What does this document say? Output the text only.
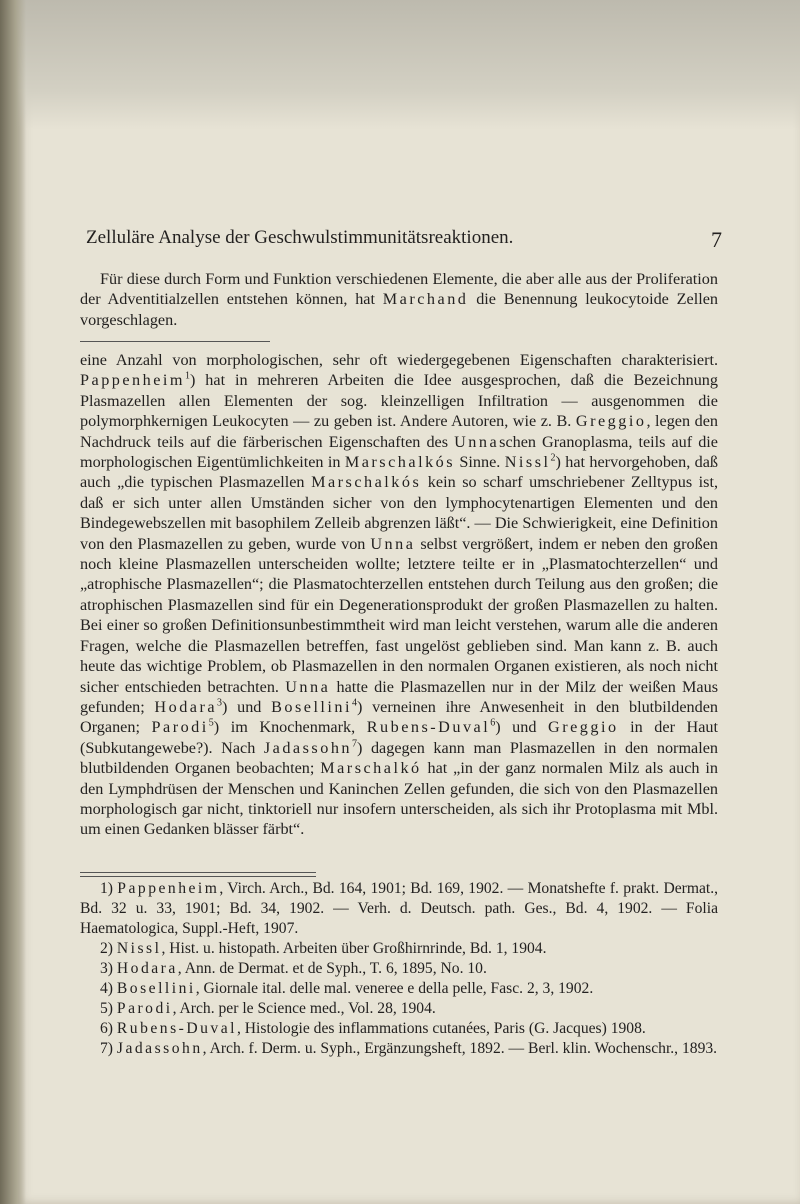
Zelluläre Analyse der Geschwulstimmunitätsreaktionen.	7

Für diese durch Form und Funktion verschiedenen Elemente, die aber alle aus der Proliferation der Adventitialzellen entstehen können, hat Marchand die Benennung leukocytoide Zellen vorgeschlagen.

eine Anzahl von morphologischen, sehr oft wiedergegebenen Eigenschaften charakterisiert. Pappenheim$^1$) hat in mehreren Arbeiten die Idee ausgesprochen, daß die Bezeichnung Plasmazellen allen Elementen der sog. kleinzelligen Infiltration — ausgenommen die polymorphkernigen Leukocyten — zu geben ist. Andere Autoren, wie z. B. Greggio, legen den Nachdruck teils auf die färberischen Eigenschaften des Unnaschen Granoplasma, teils auf die morphologischen Eigentümlichkeiten in Marschalkós Sinne. Nissl$^2$) hat hervorgehoben, daß auch „die typischen Plasmazellen Marschalkós kein so scharf umschriebener Zelltypus ist, daß er sich unter allen Umständen sicher von den lymphocytenartigen Elementen und den Bindegewebszellen mit basophilem Zelleib abgrenzen läßt“. — Die Schwierigkeit, eine Definition von den Plasmazellen zu geben, wurde von Unna selbst vergrößert, indem er neben den großen noch kleine Plasmazellen unterscheiden wollte; letztere teilte er in „Plasmatochterzellen“ und „atrophische Plasmazellen“; die Plasmatochterzellen entstehen durch Teilung aus den großen; die atrophischen Plasmazellen sind für ein Degenerationsprodukt der großen Plasmazellen zu halten. Bei einer so großen Definitionsunbestimmtheit wird man leicht verstehen, warum alle die anderen Fragen, welche die Plasmazellen betreffen, fast ungelöst geblieben sind. Man kann z. B. auch heute das wichtige Problem, ob Plasmazellen in den normalen Organen existieren, als noch nicht sicher entschieden betrachten. Unna hatte die Plasmazellen nur in der Milz der weißen Maus gefunden; Hodara$^3$) und Bosellini$^4$) verneinen ihre Anwesenheit in den blutbildenden Organen; Parodi$^5$) im Knochenmark, Rubens-Duval$^6$) und Greggio in der Haut (Subkutangewebe?). Nach Jadassohn$^7$) dagegen kann man Plasmazellen in den normalen blutbildenden Organen beobachten; Marschalkó hat „in der ganz normalen Milz als auch in den Lymphdrüsen der Menschen und Kaninchen Zellen gefunden, die sich von den Plasmazellen morphologisch gar nicht, tinktoriell nur insofern unterscheiden, als sich ihr Protoplasma mit Mbl. um einen Gedanken blässer färbt“.

1) Pappenheim, Virch. Arch., Bd. 164, 1901; Bd. 169, 1902. — Monatshefte f. prakt. Dermat., Bd. 32 u. 33, 1901; Bd. 34, 1902. — Verh. d. Deutsch. path. Ges., Bd. 4, 1902. — Folia Haematologica, Suppl.-Heft, 1907.
2) Nissl, Hist. u. histopath. Arbeiten über Großhirnrinde, Bd. 1, 1904.
3) Hodara, Ann. de Dermat. et de Syph., T. 6, 1895, No. 10.
4) Bosellini, Giornale ital. delle mal. veneree e della pelle, Fasc. 2, 3, 1902.
5) Parodi, Arch. per le Science med., Vol. 28, 1904.
6) Rubens-Duval, Histologie des inflammations cutanées, Paris (G. Jacques) 1908.
7) Jadassohn, Arch. f. Derm. u. Syph., Ergänzungsheft, 1892. — Berl. klin. Wochenschr., 1893.
